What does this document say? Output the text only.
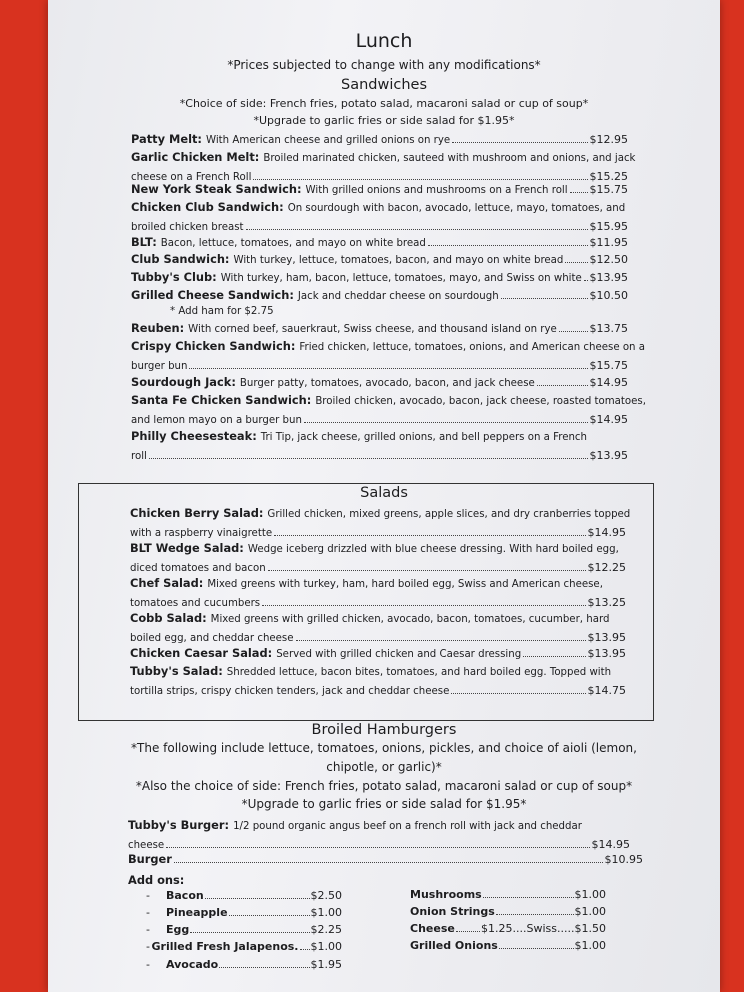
Lunch
*Prices subjected to change with any modifications*
Sandwiches
*Choice of side: French fries, potato salad, macaroni salad or cup of soup*
*Upgrade to garlic fries or side salad for $1.95*
Patty Melt: With American cheese and grilled onions on rye	$12.95
Garlic Chicken Melt: Broiled marinated chicken, sauteed with mushroom and onions, and jack
cheese on a French Roll	$15.25
New York Steak Sandwich: With grilled onions and mushrooms on a French roll $15.75
Chicken Club Sandwich: On sourdough with bacon, avocado, lettuce, mayo, tomatoes, and
broiled chicken breast	$15.95
BLT: Bacon, lettuce, tomatoes, and mayo on white bread	$11.95
Club Sandwich: With turkey, lettuce, tomatoes, bacon, and mayo on white bread $12.50
Tubby's Club: With turkey, ham, bacon, lettuce, tomatoes, mayo, and Swiss on white $13.95
Grilled Cheese Sandwich: Jack and cheddar cheese on sourdough	$10.50
Reuben: With corned beef, sauerkraut, Swiss cheese, and thousand island on rye	$13.75
Crispy Chicken Sandwich: Fried chicken, lettuce, tomatoes, onions, and American cheese on a
burger bun	$15.75
Sourdough Jack: Burger patty, tomatoes, avocado, bacon, and jack cheese	$14.95
Santa Fe Chicken Sandwich: Broiled chicken, avocado, bacon, jack cheese, roasted tomatoes,
and lemon mayo on a burger bun	$14.95
Philly Cheesesteak: Tri Tip, jack cheese, grilled onions, and bell peppers on a French
roll	$13.95
* Add ham for $2.75
Salads
Chicken Berry Salad: Grilled chicken, mixed greens, apple slices, and dry cranberries topped
with a raspberry vinaigrette	$14.95
BLT Wedge Salad: Wedge iceberg drizzled with blue cheese dressing. With hard boiled egg,
diced tomatoes and bacon	$12.25
Chef Salad: Mixed greens with turkey, ham, hard boiled egg, Swiss and American cheese,
tomatoes and cucumbers	$13.25
Cobb Salad: Mixed greens with grilled chicken, avocado, bacon, tomatoes, cucumber, hard
boiled egg, and cheddar cheese	$13.95
Chicken Caesar Salad: Served with grilled chicken and Caesar dressing	$13.95
Tubby's Salad: Shredded lettuce, bacon bites, tomatoes, and hard boiled egg. Topped with
tortilla strips, crispy chicken tenders, jack and cheddar cheese	$14.75
Broiled Hamburgers
*The following include lettuce, tomatoes, onions, pickles, and choice of aioli (lemon,
chipotle, or garlic)*
*Also the choice of side: French fries, potato salad, macaroni salad or cup of soup*
*Upgrade to garlic fries or side salad for $1.95*
Tubby's Burger: 1/2 pound organic angus beef on a french roll with jack and cheddar
cheese	$14.95
Burger	$10.95
Add ons:
-	Bacon	$2.50
-	Pineapple	$1.00
-	Egg	$2.25
- Grilled Fresh Jalapenos. $1.00
-	Avocado	$1.95
Mushrooms	$1.00
Onion Strings	$1.00
Cheese $1.25....Swiss.....$1.50
Grilled Onions	$1.00
